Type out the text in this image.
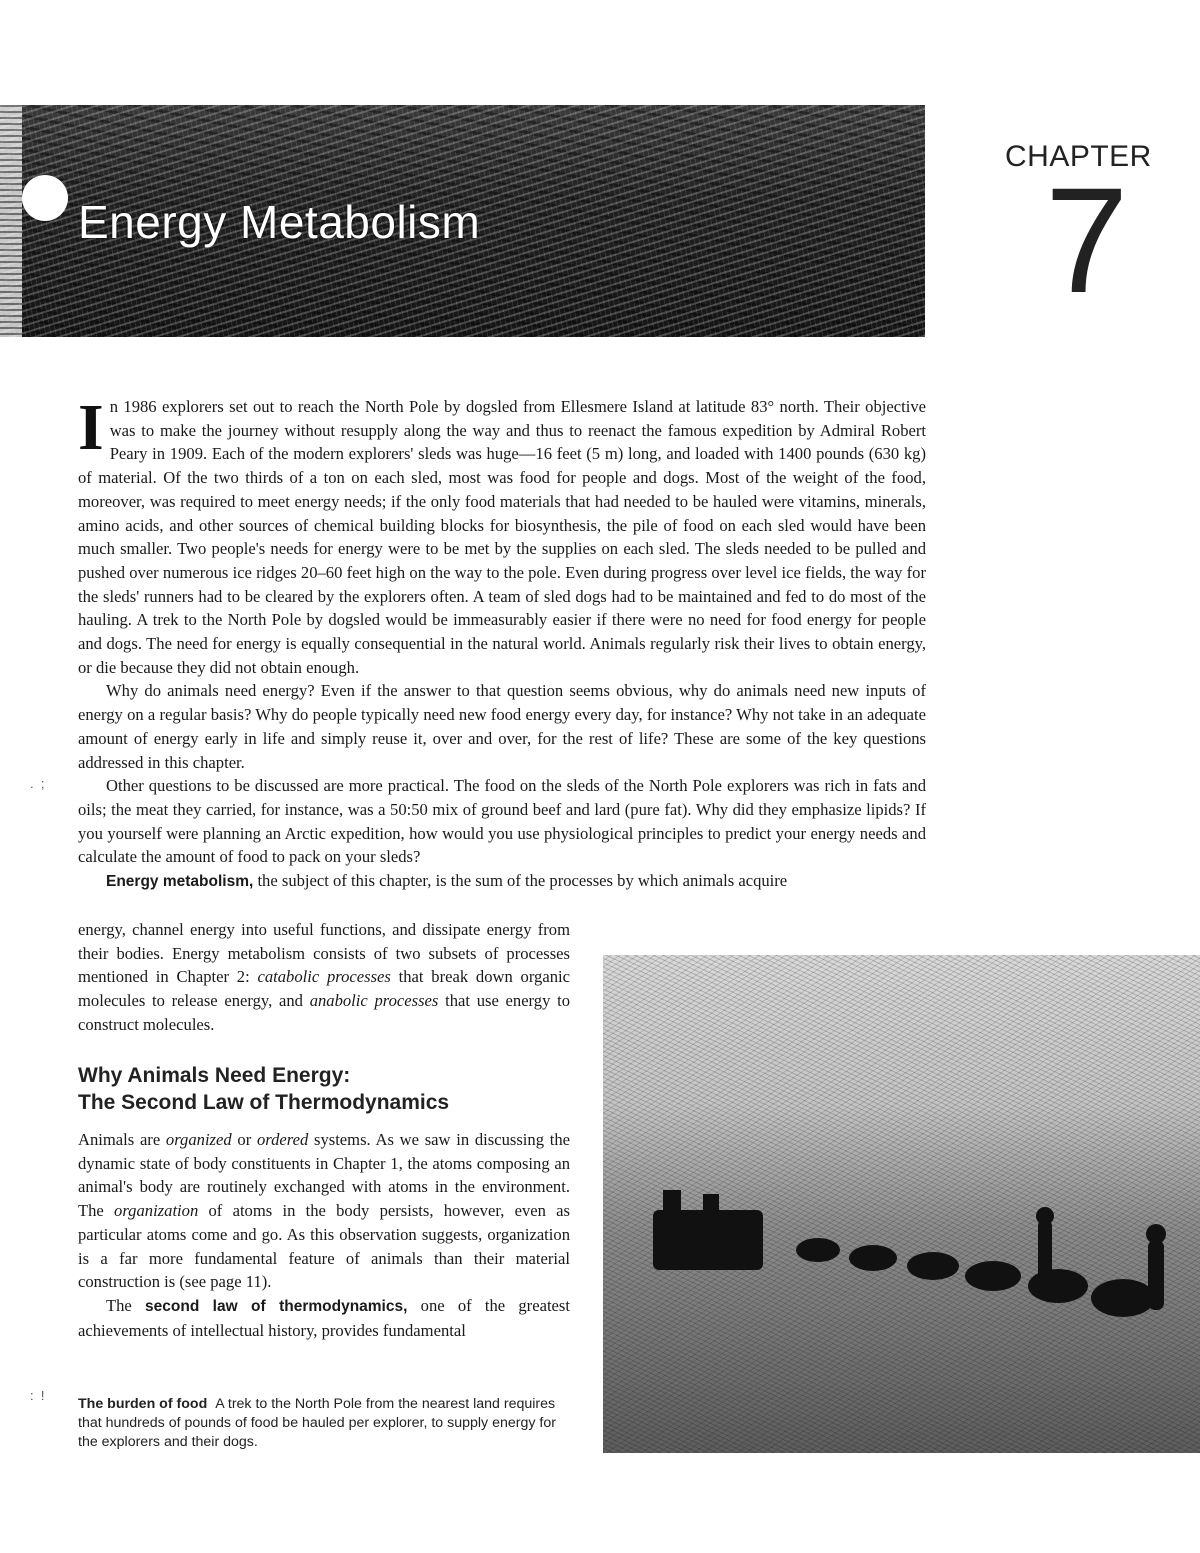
Energy Metabolism
CHAPTER
7

In 1986 explorers set out to reach the North Pole by dogsled from Ellesmere Island at latitude 83° north. Their objective was to make the journey without resupply along the way and thus to reenact the famous expedition by Admiral Robert Peary in 1909. Each of the modern explorers' sleds was huge—16 feet (5 m) long, and loaded with 1400 pounds (630 kg) of material. Of the two thirds of a ton on each sled, most was food for people and dogs. Most of the weight of the food, moreover, was required to meet energy needs; if the only food materials that had needed to be hauled were vitamins, minerals, amino acids, and other sources of chemical building blocks for biosynthesis, the pile of food on each sled would have been much smaller. Two people's needs for energy were to be met by the supplies on each sled. The sleds needed to be pulled and pushed over numerous ice ridges 20–60 feet high on the way to the pole. Even during progress over level ice fields, the way for the sleds' runners had to be cleared by the explorers often. A team of sled dogs had to be maintained and fed to do most of the hauling. A trek to the North Pole by dogsled would be immeasurably easier if there were no need for food energy for people and dogs. The need for energy is equally consequential in the natural world. Animals regularly risk their lives to obtain energy, or die because they did not obtain enough.

Why do animals need energy? Even if the answer to that question seems obvious, why do animals need new inputs of energy on a regular basis? Why do people typically need new food energy every day, for instance? Why not take in an adequate amount of energy early in life and simply reuse it, over and over, for the rest of life? These are some of the key questions addressed in this chapter.

Other questions to be discussed are more practical. The food on the sleds of the North Pole explorers was rich in fats and oils; the meat they carried, for instance, was a 50:50 mix of ground beef and lard (pure fat). Why did they emphasize lipids? If you yourself were planning an Arctic expedition, how would you use physiological principles to predict your energy needs and calculate the amount of food to pack on your sleds?

Energy metabolism, the subject of this chapter, is the sum of the processes by which animals acquire

energy, channel energy into useful functions, and dissipate energy from their bodies. Energy metabolism consists of two subsets of processes mentioned in Chapter 2: catabolic processes that break down organic molecules to release energy, and anabolic processes that use energy to construct molecules.

Why Animals Need Energy:
The Second Law of Thermodynamics

Animals are organized or ordered systems. As we saw in discussing the dynamic state of body constituents in Chapter 1, the atoms composing an animal's body are routinely exchanged with atoms in the environment. The organization of atoms in the body persists, however, even as particular atoms come and go. As this observation suggests, organization is a far more fundamental feature of animals than their material construction is (see page 11).

The second law of thermodynamics, one of the greatest achievements of intellectual history, provides fundamental

The burden of food A trek to the North Pole from the nearest land requires that hundreds of pounds of food be hauled per explorer, to supply energy for the explorers and their dogs.
.  ;
:  !
